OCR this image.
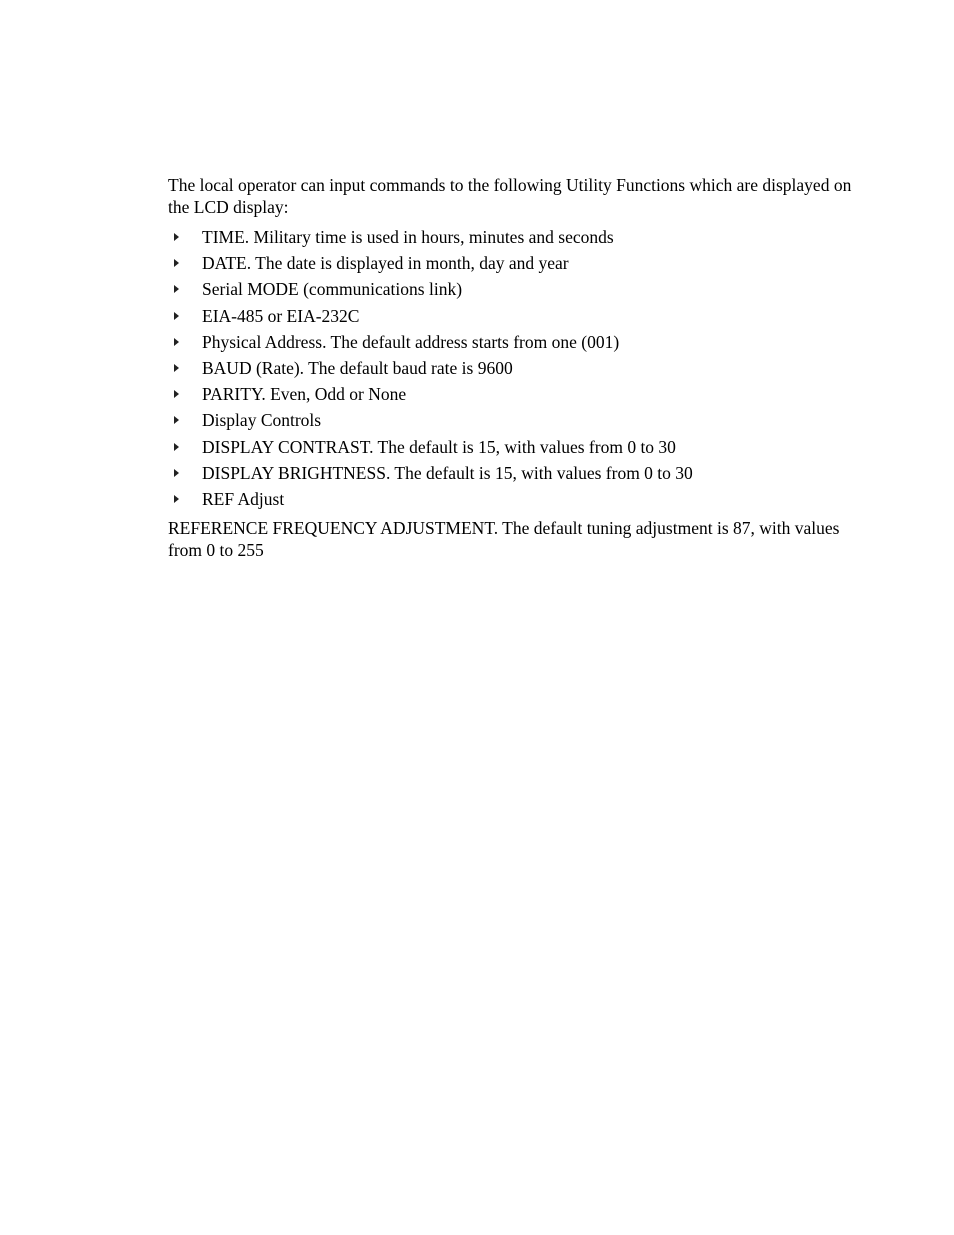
The local operator can input commands to the following Utility Functions which are displayed on the LCD display:

TIME. Military time is used in hours, minutes and seconds
DATE. The date is displayed in month, day and year
Serial MODE (communications link)
EIA-485 or EIA-232C
Physical Address. The default address starts from one (001)
BAUD (Rate). The default baud rate is 9600
PARITY. Even, Odd or None
Display Controls
DISPLAY CONTRAST. The default is 15, with values from 0 to 30
DISPLAY BRIGHTNESS. The default is 15, with values from 0 to 30
REF Adjust

REFERENCE FREQUENCY ADJUSTMENT. The default tuning adjustment is 87, with values from 0 to 255
